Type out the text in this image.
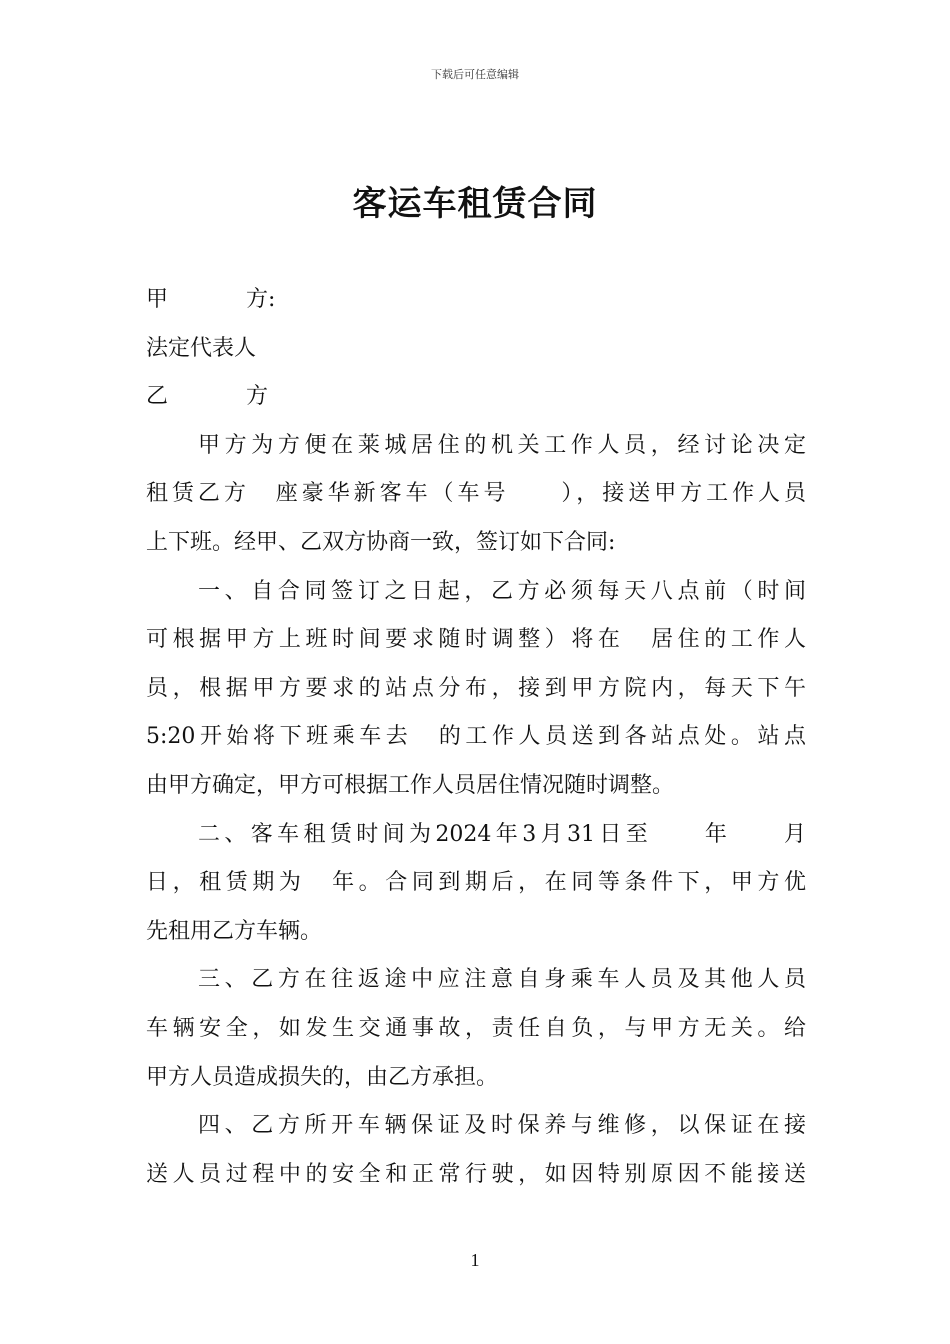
下载后可任意编辑
客运车租赁合同
甲	方:
法定代表人
乙	方
甲方为方便在莱城居住的机关工作人员，经讨论决定
租赁乙方　座豪华新客车（车号　　），接送甲方工作人员
上下班。经甲、乙双方协商一致，签订如下合同:
一、自合同签订之日起，乙方必须每天八点前（时间
可根据甲方上班时间要求随时调整）将在　居住的工作人
员，根据甲方要求的站点分布，接到甲方院内，每天下午
5:20开始将下班乘车去　的工作人员送到各站点处。站点
由甲方确定，甲方可根据工作人员居住情况随时调整。
二、客车租赁时间为2024年3月31日至　　年　　月
日，租赁期为　年。合同到期后，在同等条件下，甲方优
先租用乙方车辆。
三、乙方在往返途中应注意自身乘车人员及其他人员
车辆安全，如发生交通事故，责任自负，与甲方无关。给
甲方人员造成损失的，由乙方承担。
四、乙方所开车辆保证及时保养与维修，以保证在接
送人员过程中的安全和正常行驶，如因特别原因不能接送
1
